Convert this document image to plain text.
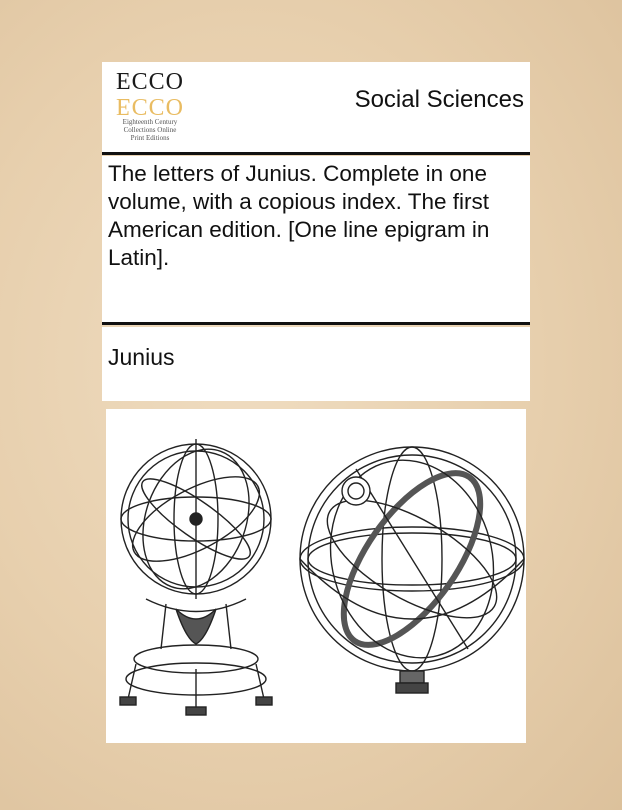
ECCO
ECCO
Eighteenth Century
Collections Online
Print Editions
Social Sciences
The letters of Junius. Complete in one volume, with a copious index. The first American edition. [One line epigram in Latin].
Junius
